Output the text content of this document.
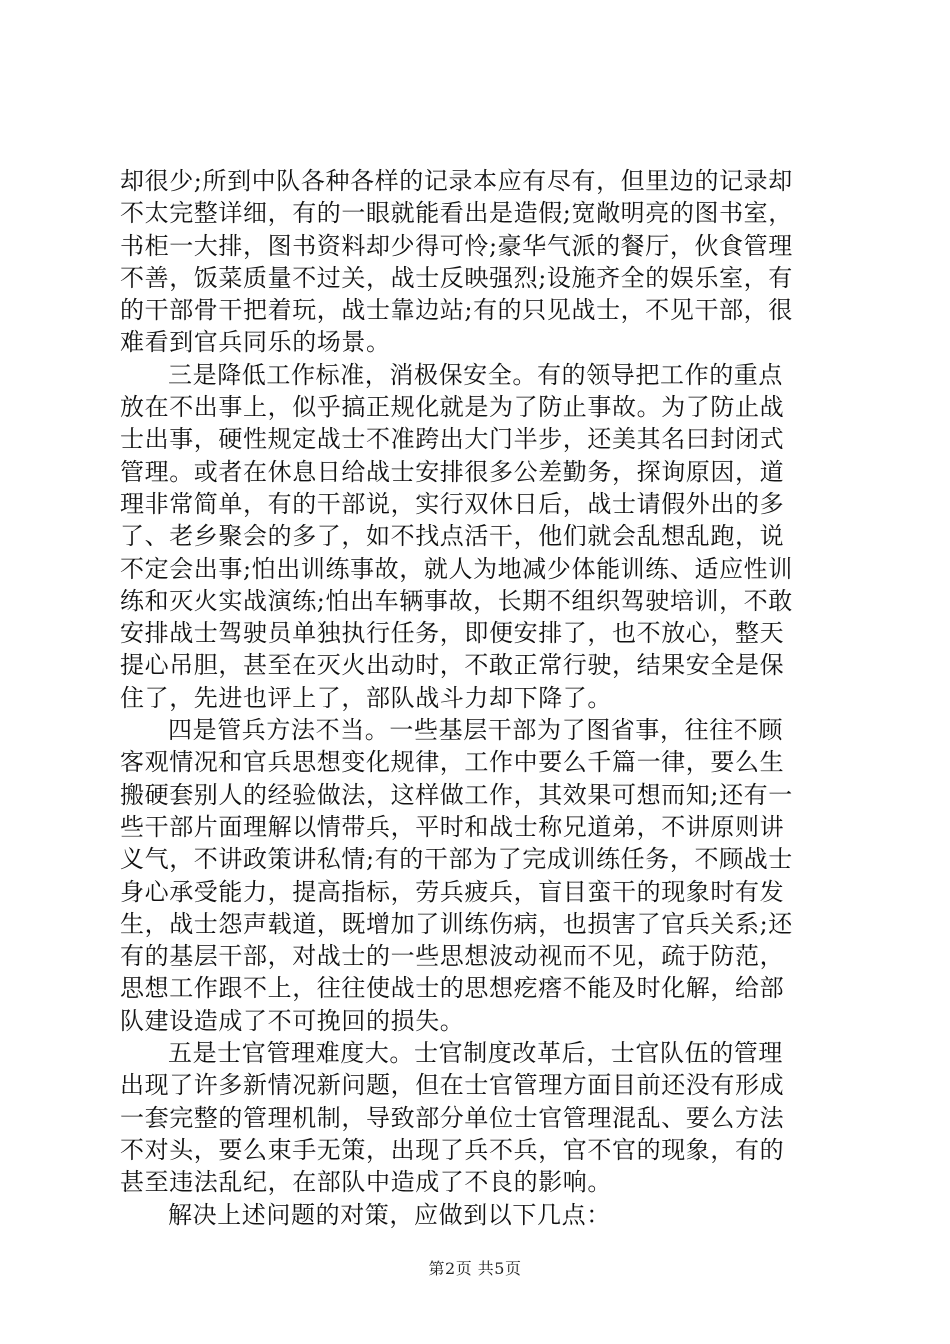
却很少;所到中队各种各样的记录本应有尽有，但里边的记录却
不太完整详细，有的一眼就能看出是造假;宽敞明亮的图书室，
书柜一大排，图书资料却少得可怜;豪华气派的餐厅，伙食管理
不善，饭菜质量不过关，战士反映强烈;设施齐全的娱乐室，有
的干部骨干把着玩，战士靠边站;有的只见战士，不见干部，很
难看到官兵同乐的场景。
三是降低工作标准，消极保安全。有的领导把工作的重点
放在不出事上，似乎搞正规化就是为了防止事故。为了防止战
士出事，硬性规定战士不准跨出大门半步，还美其名曰封闭式
管理。或者在休息日给战士安排很多公差勤务，探询原因，道
理非常简单，有的干部说，实行双休日后，战士请假外出的多
了、老乡聚会的多了，如不找点活干，他们就会乱想乱跑，说
不定会出事;怕出训练事故，就人为地减少体能训练、适应性训
练和灭火实战演练;怕出车辆事故，长期不组织驾驶培训，不敢
安排战士驾驶员单独执行任务，即便安排了，也不放心，整天
提心吊胆，甚至在灭火出动时，不敢正常行驶，结果安全是保
住了，先进也评上了，部队战斗力却下降了。
四是管兵方法不当。一些基层干部为了图省事，往往不顾
客观情况和官兵思想变化规律，工作中要么千篇一律，要么生
搬硬套别人的经验做法，这样做工作，其效果可想而知;还有一
些干部片面理解以情带兵，平时和战士称兄道弟，不讲原则讲
义气，不讲政策讲私情;有的干部为了完成训练任务，不顾战士
身心承受能力，提高指标，劳兵疲兵，盲目蛮干的现象时有发
生，战士怨声载道，既增加了训练伤病，也损害了官兵关系;还
有的基层干部，对战士的一些思想波动视而不见，疏于防范，
思想工作跟不上，往往使战士的思想疙瘩不能及时化解，给部
队建设造成了不可挽回的损失。
五是士官管理难度大。士官制度改革后，士官队伍的管理
出现了许多新情况新问题，但在士官管理方面目前还没有形成
一套完整的管理机制，导致部分单位士官管理混乱、要么方法
不对头，要么束手无策，出现了兵不兵，官不官的现象，有的
甚至违法乱纪，在部队中造成了不良的影响。
解决上述问题的对策，应做到以下几点：
第2页 共5页
